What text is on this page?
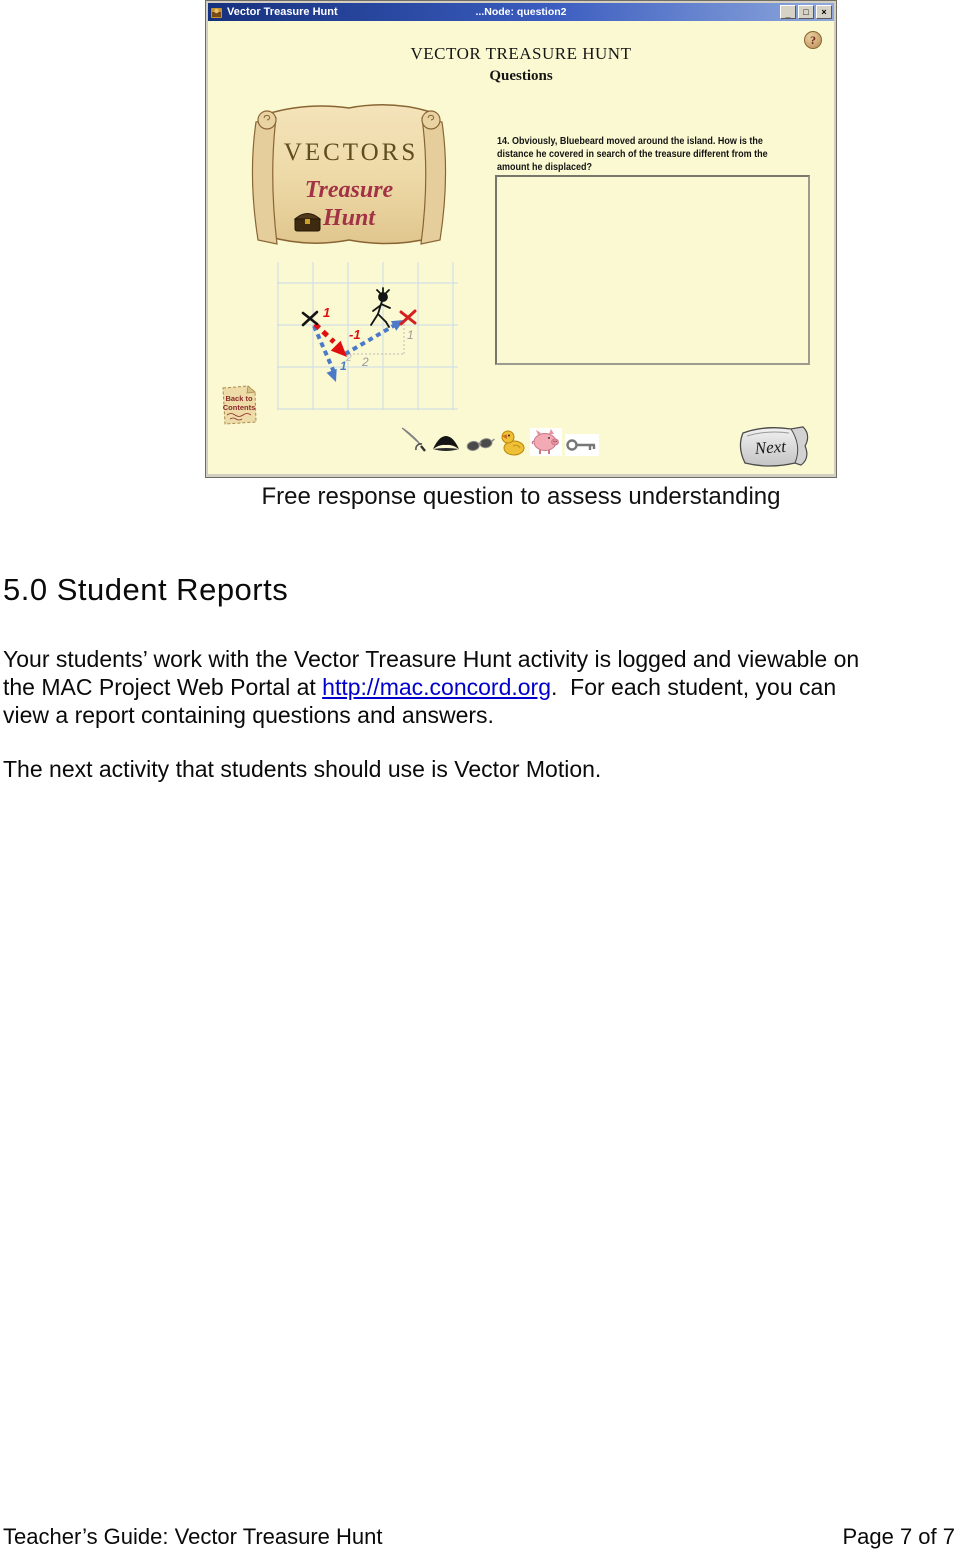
Vector Treasure Hunt	...Node: question2	_	□	×
?
VECTOR TREASURE HUNT
Questions
VECTORS
Treasure
Hunt
14. Obviously, Bluebeard moved around the island. How is the
distance he covered in search of the treasure different from the
amount he displaced?
1
-1
1
2 2
1
Back to
Contents
Next
Free response question to assess understanding
5.0 Student Reports
Your students’ work with the Vector Treasure Hunt activity is logged and viewable on
the MAC Project Web Portal at http://mac.concord.org.  For each student, you can
view a report containing questions and answers.
The next activity that students should use is Vector Motion.
Teacher’s Guide: Vector Treasure Hunt	Page 7 of 7
